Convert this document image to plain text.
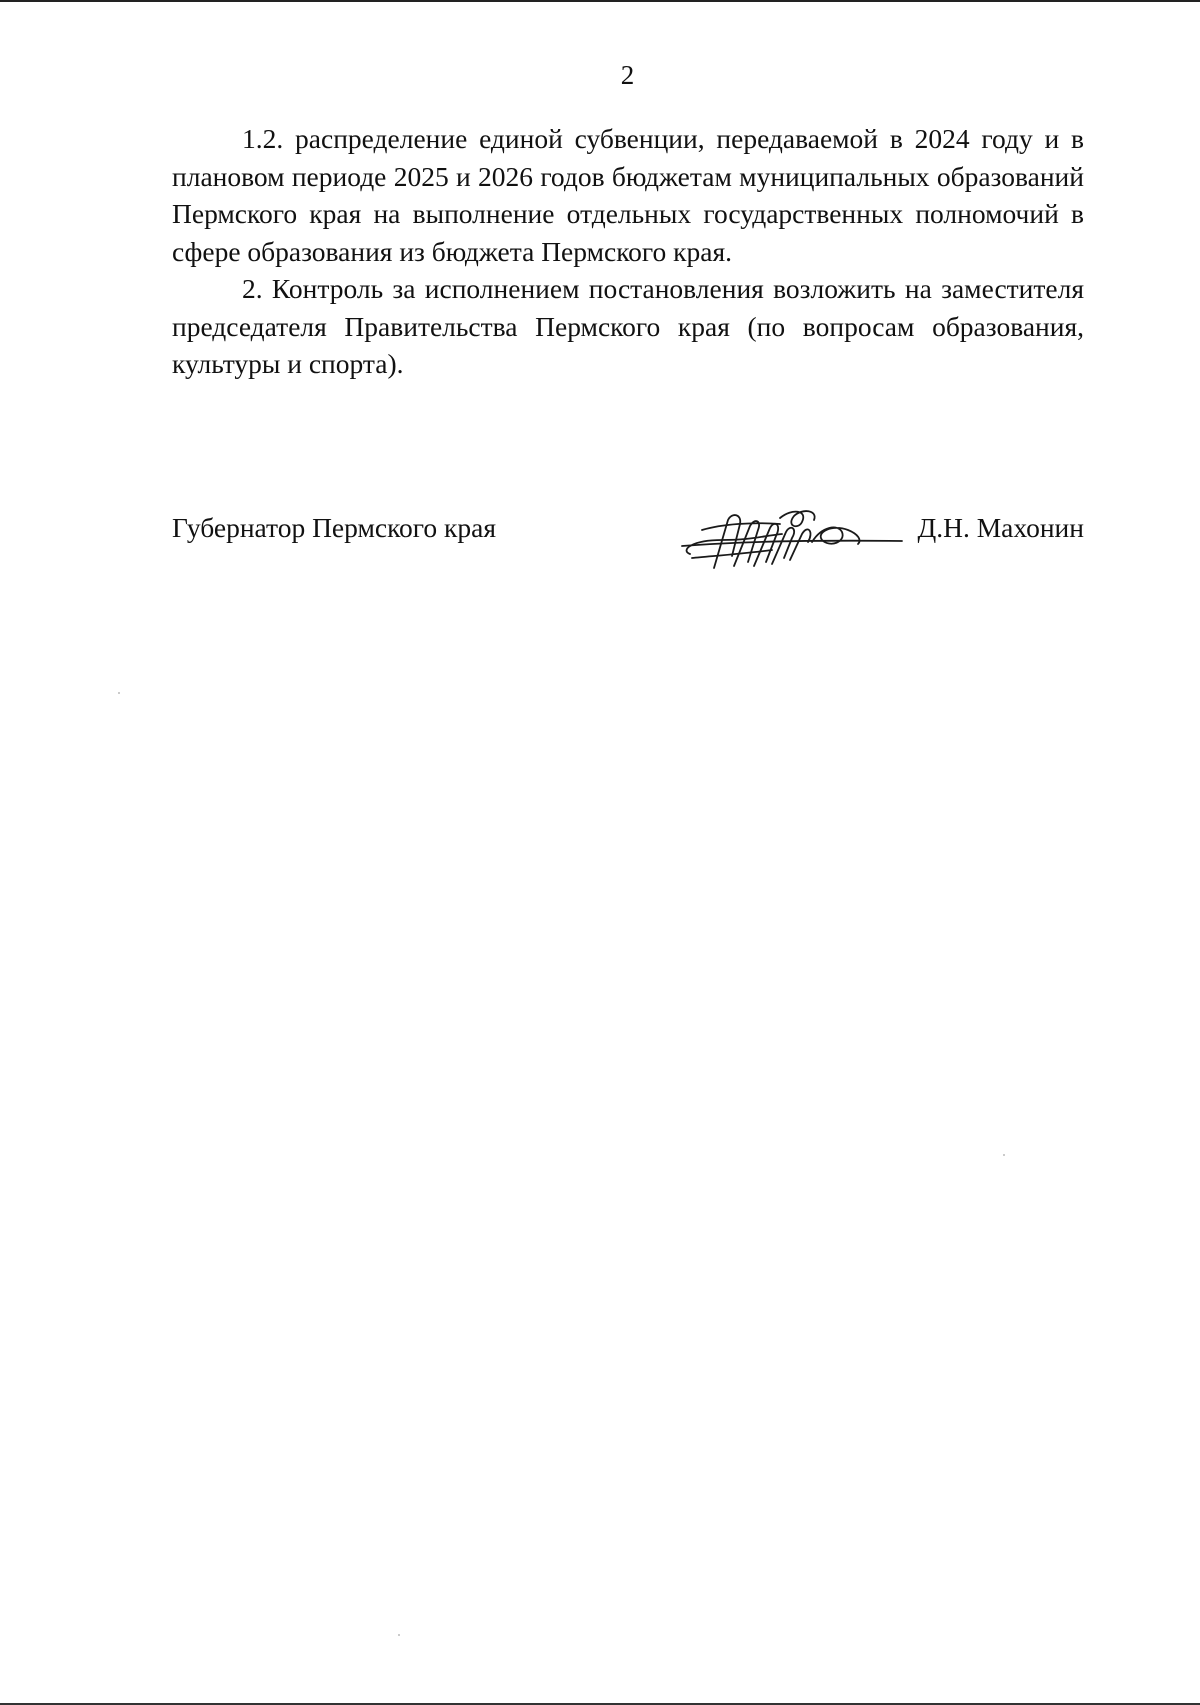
2

1.2. распределение единой субвенции, передаваемой в 2024 году и в плановом периоде 2025 и 2026 годов бюджетам муниципальных образований Пермского края на выполнение отдельных государственных полномочий в сфере образования из бюджета Пермского края.

2. Контроль за исполнением постановления возложить на заместителя председателя Правительства Пермского края (по вопросам образования, культуры и спорта).

Губернатор Пермского края	Д.Н. Махонин
